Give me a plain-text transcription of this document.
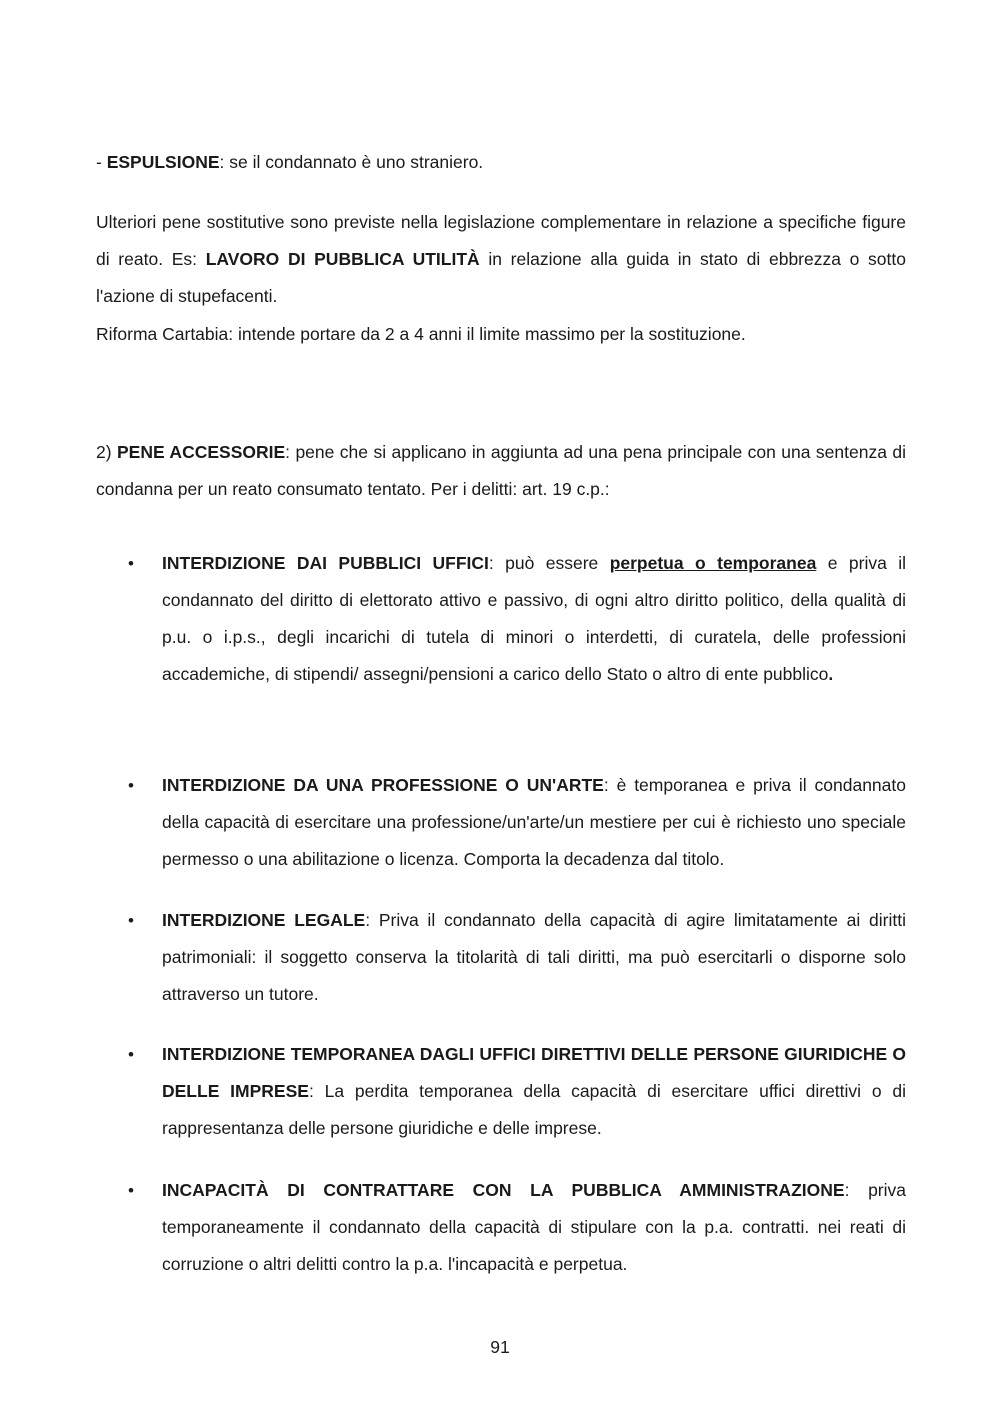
- ESPULSIONE: se il condannato è uno straniero.

Ulteriori pene sostitutive sono previste nella legislazione complementare in relazione a specifiche figure di reato. Es: LAVORO DI PUBBLICA UTILITÀ in relazione alla guida in stato di ebbrezza o sotto l'azione di stupefacenti.

Riforma Cartabia: intende portare da 2 a 4 anni il limite massimo per la sostituzione.

2) PENE ACCESSORIE: pene che si applicano in aggiunta ad una pena principale con una sentenza di condanna per un reato consumato tentato. Per i delitti: art. 19 c.p.:

• INTERDIZIONE DAI PUBBLICI UFFICI: può essere perpetua o temporanea e priva il condannato del diritto di elettorato attivo e passivo, di ogni altro diritto politico, della qualità di p.u. o i.p.s., degli incarichi di tutela di minori o interdetti, di curatela, delle professioni accademiche, di stipendi/ assegni/pensioni a carico dello Stato o altro di ente pubblico.
• INTERDIZIONE DA UNA PROFESSIONE O UN'ARTE: è temporanea e priva il condannato della capacità di esercitare una professione/un'arte/un mestiere per cui è richiesto uno speciale permesso o una abilitazione o licenza. Comporta la decadenza dal titolo.
• INTERDIZIONE LEGALE: Priva il condannato della capacità di agire limitatamente ai diritti patrimoniali: il soggetto conserva la titolarità di tali diritti, ma può esercitarli o disporne solo attraverso un tutore.
• INTERDIZIONE TEMPORANEA DAGLI UFFICI DIRETTIVI DELLE PERSONE GIURIDICHE O DELLE IMPRESE: La perdita temporanea della capacità di esercitare uffici direttivi o di rappresentanza delle persone giuridiche e delle imprese.
• INCAPACITÀ DI CONTRATTARE CON LA PUBBLICA AMMINISTRAZIONE: priva temporaneamente il condannato della capacità di stipulare con la p.a. contratti. nei reati di corruzione o altri delitti contro la p.a. l'incapacità e perpetua.
91
